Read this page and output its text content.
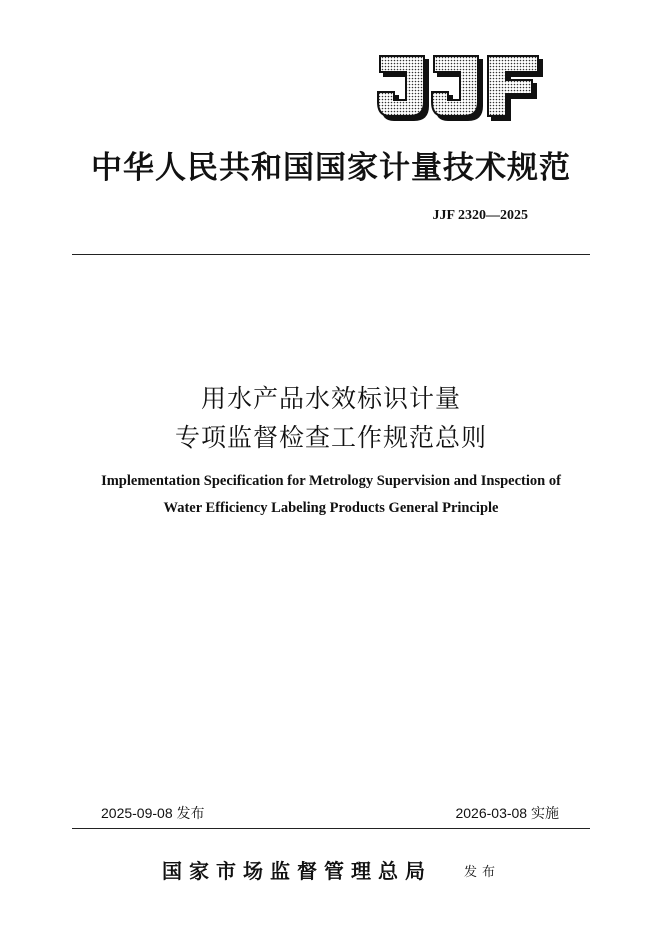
JJF
中华人民共和国国家计量技术规范
JJF 2320—2025
用水产品水效标识计量
专项监督检查工作规范总则
Implementation Specification for Metrology Supervision and Inspection of
Water Efficiency Labeling Products General Principle
2025-09-08 发布	2026-03-08 实施
国家市场监督管理总局 发布
